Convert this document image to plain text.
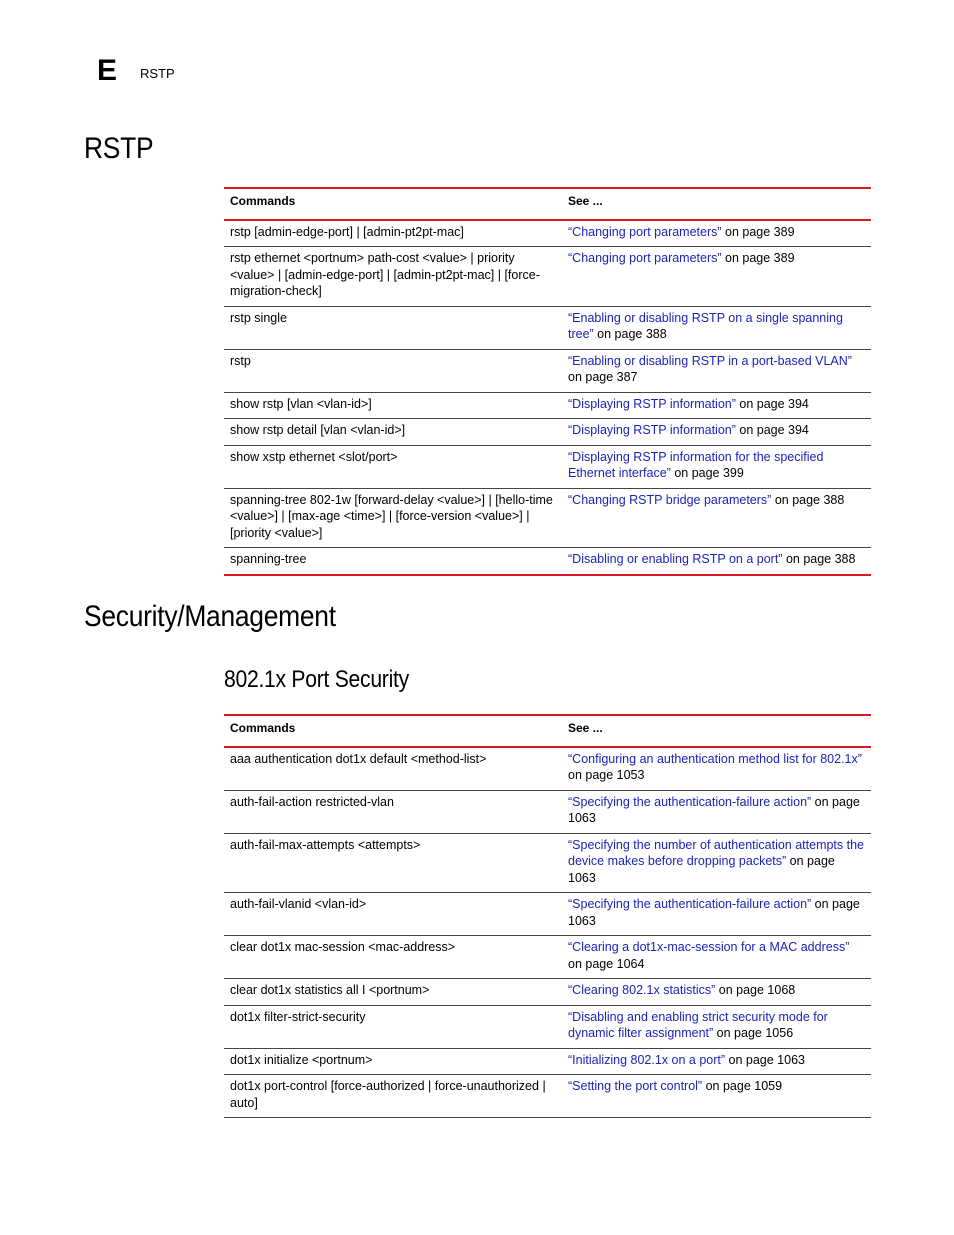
E RSTP
RSTP
Commands	See ...
rstp [admin-edge-port] | [admin-pt2pt-mac]	“Changing port parameters” on page 389
rstp ethernet <portnum> path-cost <value> | priority <value> | [admin-edge-port] | [admin-pt2pt-mac] | [force-migration-check]	“Changing port parameters” on page 389
rstp single	“Enabling or disabling RSTP on a single spanning tree” on page 388
rstp	“Enabling or disabling RSTP in a port-based VLAN” on page 387
show rstp [vlan <vlan-id>]	“Displaying RSTP information” on page 394
show rstp detail [vlan <vlan-id>]	“Displaying RSTP information” on page 394
show xstp ethernet <slot/port>	“Displaying RSTP information for the specified Ethernet interface” on page 399
spanning-tree 802-1w [forward-delay <value>] | [hello-time <value>] | [max-age <time>] | [force-version <value>] | [priority <value>]	“Changing RSTP bridge parameters” on page 388
spanning-tree	“Disabling or enabling RSTP on a port” on page 388
Security/Management
802.1x Port Security
Commands	See ...
aaa authentication dot1x default <method-list>	“Configuring an authentication method list for 802.1x” on page 1053
auth-fail-action restricted-vlan	“Specifying the authentication-failure action” on page 1063
auth-fail-max-attempts <attempts>	“Specifying the number of authentication attempts the device makes before dropping packets” on page 1063
auth-fail-vlanid <vlan-id>	“Specifying the authentication-failure action” on page 1063
clear dot1x mac-session <mac-address>	“Clearing a dot1x-mac-session for a MAC address” on page 1064
clear dot1x statistics all I <portnum>	“Clearing 802.1x statistics” on page 1068
dot1x filter-strict-security	“Disabling and enabling strict security mode for dynamic filter assignment” on page 1056
dot1x initialize <portnum>	“Initializing 802.1x on a port” on page 1063
dot1x port-control [force-authorized | force-unauthorized | auto]	“Setting the port control” on page 1059
